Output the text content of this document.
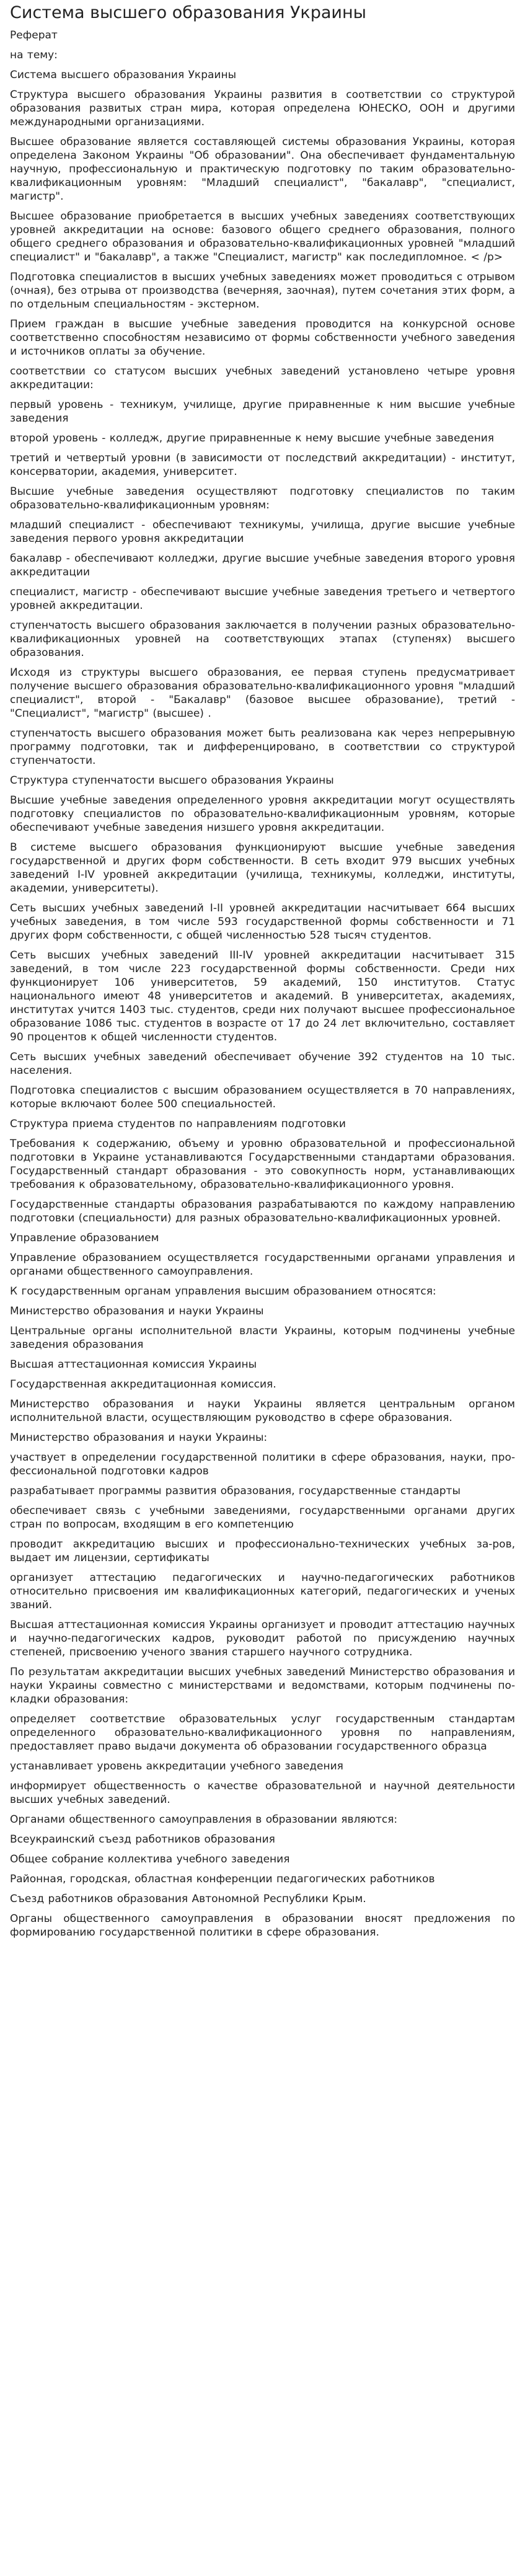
Система высшего образования Украины

Реферат

на тему:

Система высшего образования Украины

Структура высшего образования Украины развития в соответствии со структурой образования развитых стран мира, которая определена ЮНЕСКО, ООН и другими международными организациями.

Высшее образование является составляющей системы образования Украины, которая определена Законом Украины "Об образовании". Она обеспечивает фундаментальную научную, профессиональную и практическую подготовку по таким образовательно-квалификационным уровням: "Младший специалист", "бакалавр", "специалист, магистр".

Высшее образование приобретается в высших учебных заведениях соответствующих уровней аккредитации на основе: базового общего среднего образования, полного общего среднего образования и образовательно-квалификационных уровней "младший специалист" и "бакалавр", а также "Специалист, магистр" как последипломное. < /p>

Подготовка специалистов в высших учебных заведениях может проводиться с отрывом (очная), без отрыва от производства (вечерняя, заочная), путем сочетания этих форм, а по отдельным специальностям - экстерном.

Прием граждан в высшие учебные заведения проводится на конкурсной основе соответственно способностям независимо от формы собственности учебного заведения и источников оплаты за обучение.

соответствии со статусом высших учебных заведений установлено четыре уровня аккредитации:

первый уровень - техникум, училище, другие приравненные к ним высшие учебные заведения

второй уровень - колледж, другие приравненные к нему высшие учебные заведения

третий и четвертый уровни (в зависимости от последствий аккредитации) - институт, консерватории, академия, университет.

Высшие учебные заведения осуществляют подготовку специалистов по таким образовательно-квалификационным уровням:

младший специалист - обеспечивают техникумы, училища, другие высшие учебные заведения первого уровня аккредитации

бакалавр - обеспечивают колледжи, другие высшие учебные заведения второго уровня аккредитации

специалист, магистр - обеспечивают высшие учебные заведения третьего и четвертого уровней аккредитации.

ступенчатость высшего образования заключается в получении разных образовательно-квалификационных уровней на соответствующих этапах (ступенях) высшего образования.

Исходя из структуры высшего образования, ее первая ступень предусматривает получение высшего образования образовательно-квалификационного уровня "младший специалист", второй - "Бакалавр" (базовое высшее образование), третий - "Специалист", "магистр" (высшее) .

ступенчатость высшего образования может быть реализована как через непрерывную программу подготовки, так и дифференцировано, в соответствии со структурой ступенчатости.

Структура ступенчатости высшего образования Украины

Высшие учебные заведения определенного уровня аккредитации могут осуществлять подготовку специалистов по образовательно-квалификационным уровням, которые обеспечивают учебные заведения низшего уровня аккредитации.

В системе высшего образования функционируют высшие учебные заведения государственной и других форм собственности. В сеть входит 979 высших учебных заведений I-IV уровней аккредитации (училища, техникумы, колледжи, институты, академии, университеты).

Сеть высших учебных заведений I-II уровней аккредитации насчитывает 664 высших учебных заведения, в том числе 593 государственной формы собственности и 71 других форм собственности, с общей численностью 528 тысяч студентов.

Сеть высших учебных заведений III-IV уровней аккредитации насчитывает 315 заведений, в том числе 223 государственной формы собственности. Среди них функционирует 106 университетов, 59 академий, 150 институтов. Статус национального имеют 48 университетов и академий. В университетах, академиях, институтах учится 1403 тыс. студентов, среди них получают высшее профессиональное образование 1086 тыс. студентов в возрасте от 17 до 24 лет включительно, составляет 90 процентов к общей численности студентов.

Сеть высших учебных заведений обеспечивает обучение 392 студентов на 10 тыс. населения.

Подготовка специалистов с высшим образованием осуществляется в 70 направлениях, которые включают более 500 специальностей.

Структура приема студентов по направлениям подготовки

Требования к содержанию, объему и уровню образовательной и профессиональной подготовки в Украине устанавливаются Государственными стандартами образования. Государственный стандарт образования - это совокупность норм, устанавливающих требования к образовательному, образовательно-квалификационного уровня.

Государственные стандарты образования разрабатываются по каждому направлению подготовки (специальности) для разных образовательно-квалификационных уровней.

Управление образованием

Управление образованием осуществляется государственными органами управления и органами общественного самоуправления.

К государственным органам управления высшим образованием относятся:

Министерство образования и науки Украины

Центральные органы исполнительной власти Украины, которым подчинены учебные заведения образования

Высшая аттестационная комиссия Украины

Государственная аккредитационная комиссия.

Министерство образования и науки Украины является центральным органом исполнительной власти, осуществляющим руководство в сфере образования.

Министерство образования и науки Украины:

участвует в определении государственной политики в сфере образования, науки, про-фессиональной подготовки кадров

разрабатывает программы развития образования, государственные стандарты

обеспечивает связь с учебными заведениями, государственными органами других стран по вопросам, входящим в его компетенцию

проводит аккредитацию высших и профессионально-технических учебных за-ров, выдает им лицензии, сертификаты

организует аттестацию педагогических и научно-педагогических работников относительно присвоения им квалификационных категорий, педагогических и ученых званий.

Высшая аттестационная комиссия Украины организует и проводит аттестацию научных и научно-педагогических кадров, руководит работой по присуждению научных степеней, присвоению ученого звания старшего научного сотрудника.

По результатам аккредитации высших учебных заведений Министерство образования и науки Украины совместно с министерствами и ведомствами, которым подчинены по-кладки образования:

определяет соответствие образовательных услуг государственным стандартам определенного образовательно-квалификационного уровня по направлениям, предоставляет право выдачи документа об образовании государственного образца

устанавливает уровень аккредитации учебного заведения

информирует общественность о качестве образовательной и научной деятельности высших учебных заведений.

Органами общественного самоуправления в образовании являются:

Всеукраинский съезд работников образования

Общее собрание коллектива учебного заведения

Районная, городская, областная конференции педагогических работников

Съезд работников образования Автономной Республики Крым.

Органы общественного самоуправления в образовании вносят предложения по формированию государственной политики в сфере образования.
